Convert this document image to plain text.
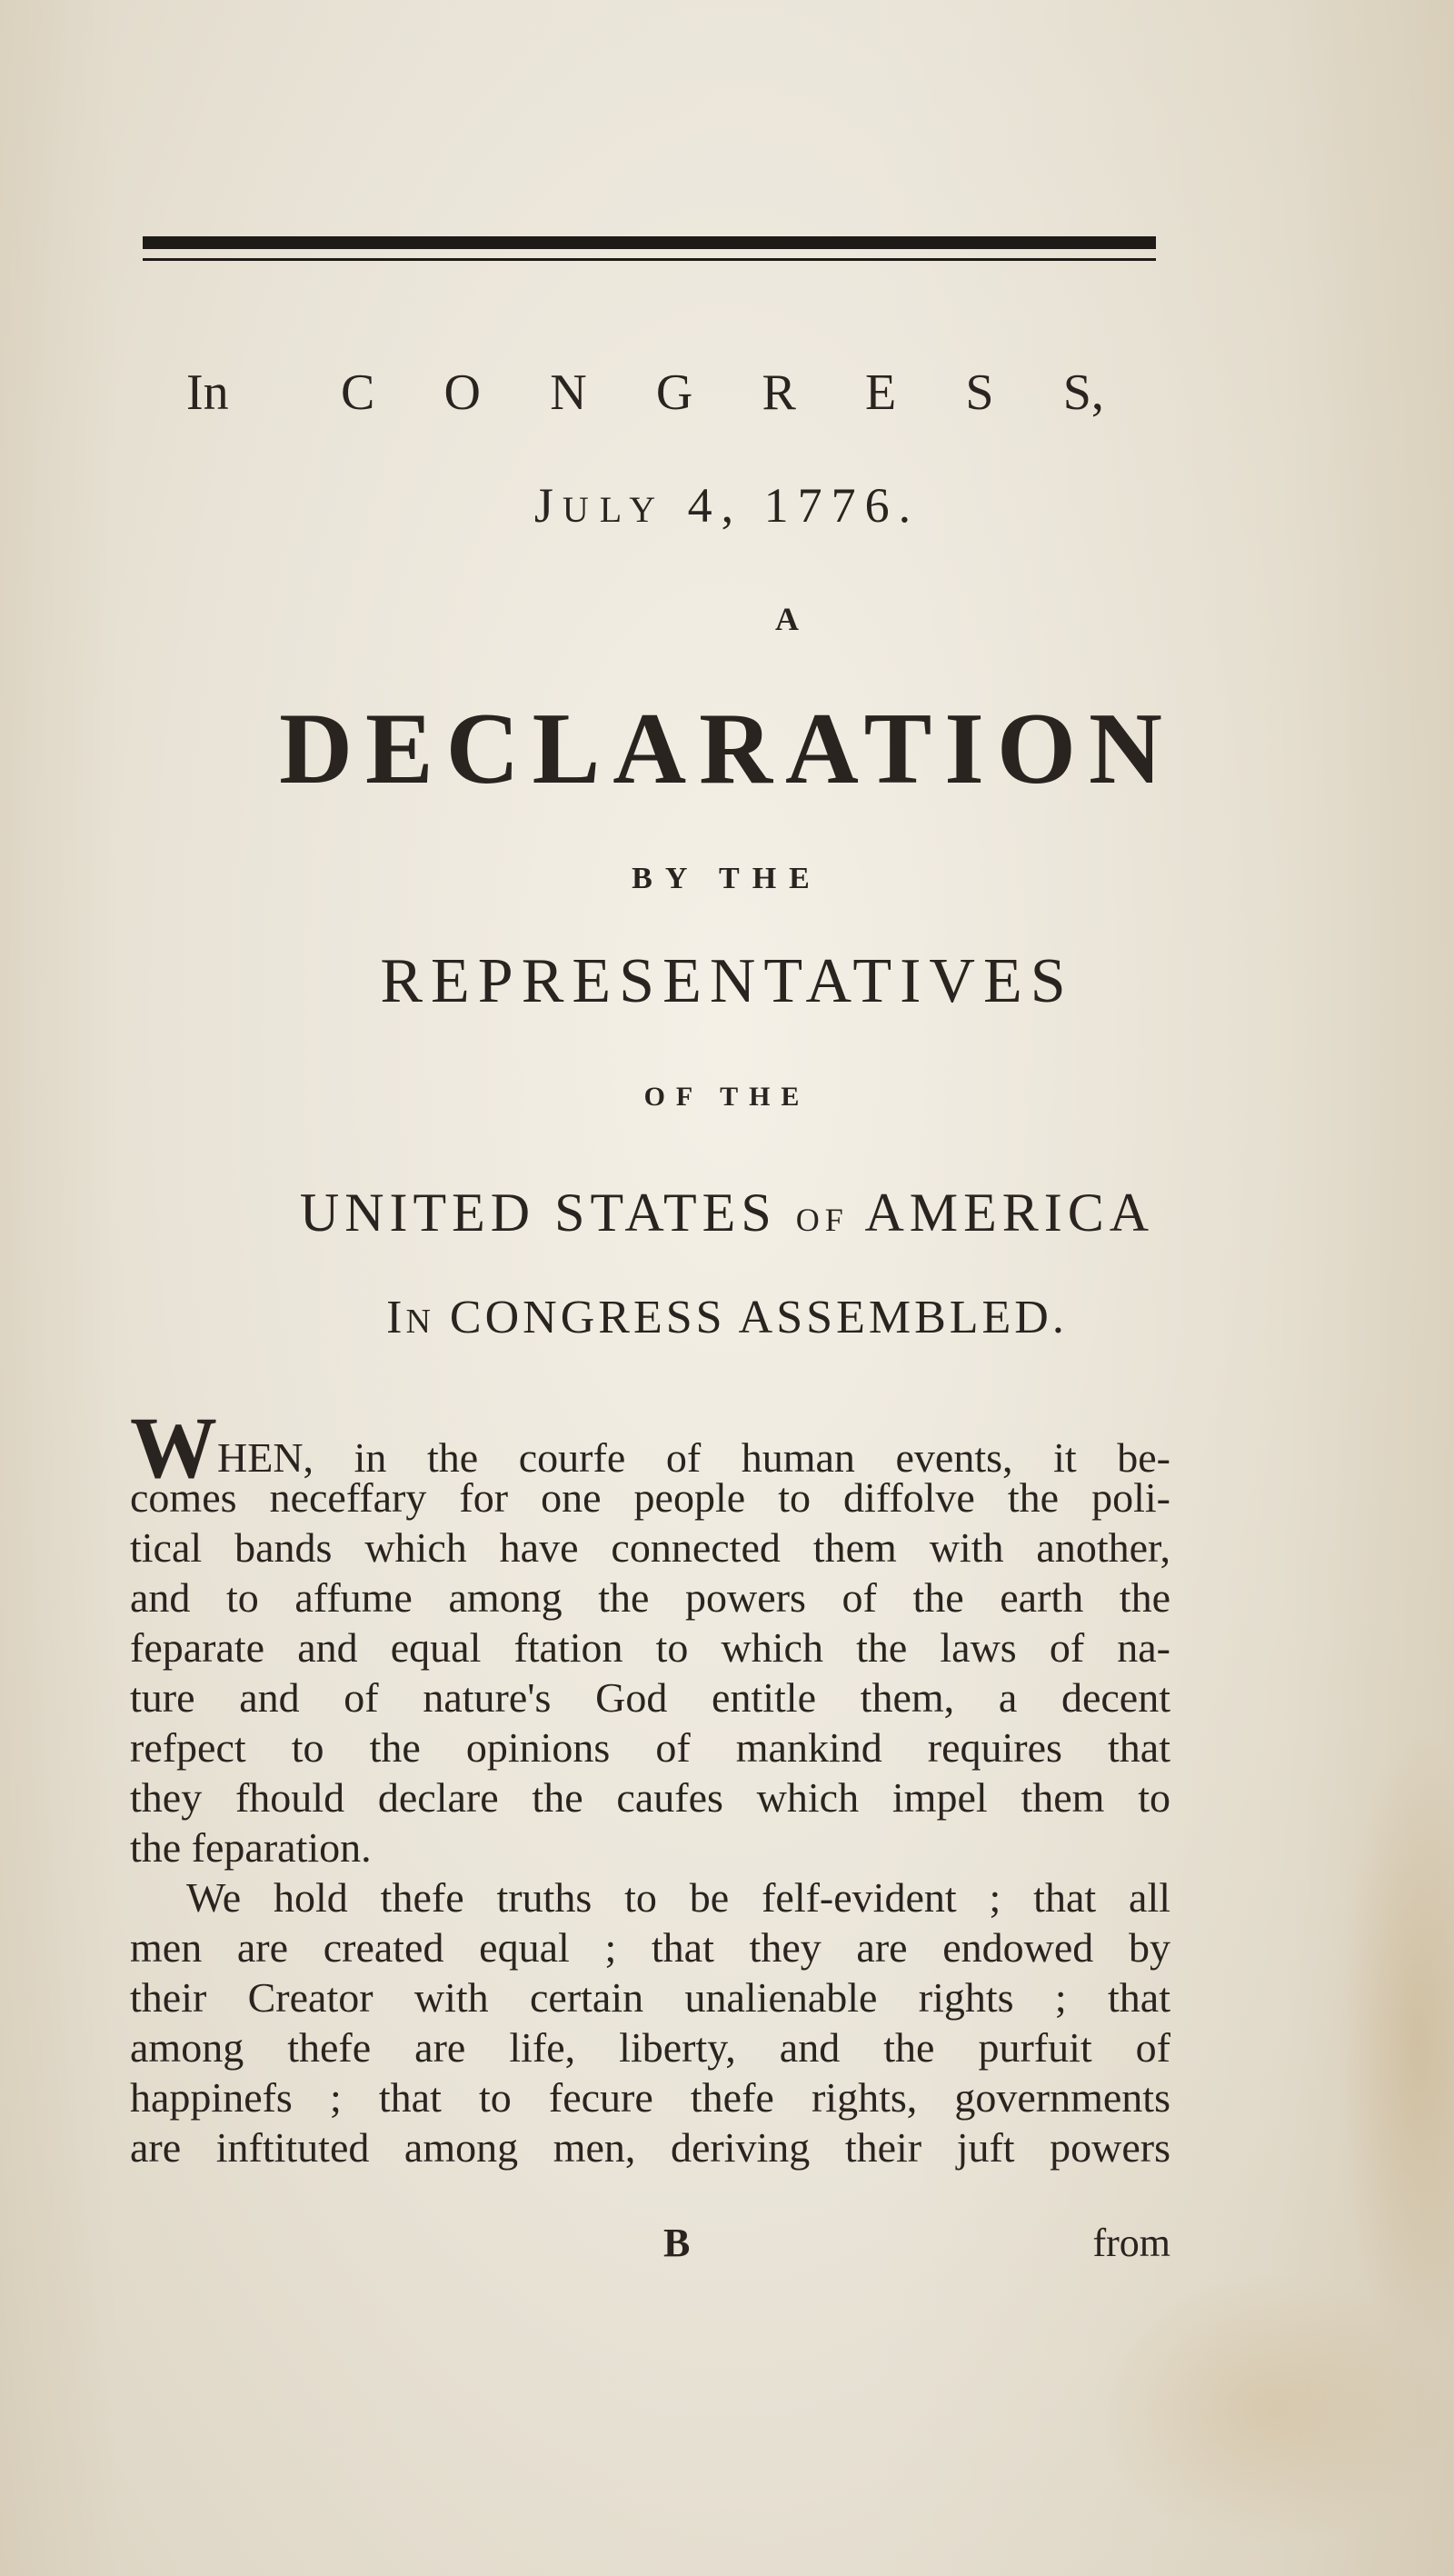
In C O N G R E S S,
JULY 4, 1776.
A
DECLARATION
BY THE
REPRESENTATIVES
OF THE
UNITED STATES OF AMERICA
IN CONGRESS ASSEMBLED.
WHEN, in the courfe of human events, it be-
comes neceffary for one people to diffolve the poli-
tical bands which have connected them with another,
and to affume among the powers of the earth the
feparate and equal ftation to which the laws of na-
ture and of nature's God entitle them, a decent
refpect to the opinions of mankind requires that
they fhould declare the caufes which impel them to
the feparation.
We hold thefe truths to be felf-evident ; that all
men are created equal ; that they are endowed by
their Creator with certain unalienable rights ; that
among thefe are life, liberty, and the purfuit of
happinefs ; that to fecure thefe rights, governments
are inftituted among men, deriving their juft powers
B	from
